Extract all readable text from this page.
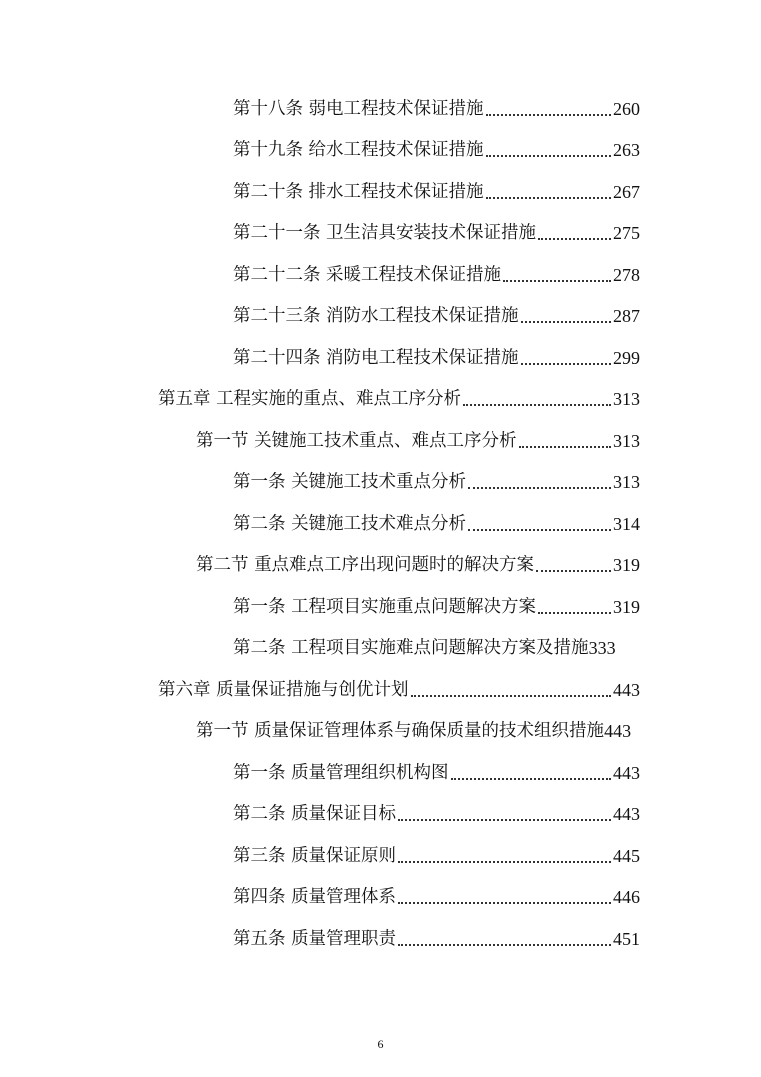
第十八条 弱电工程技术保证措施	260
第十九条 给水工程技术保证措施	263
第二十条 排水工程技术保证措施	267
第二十一条 卫生洁具安装技术保证措施	275
第二十二条 采暖工程技术保证措施	278
第二十三条 消防水工程技术保证措施	287
第二十四条 消防电工程技术保证措施	299
第五章 工程实施的重点、难点工序分析	313
第一节 关键施工技术重点、难点工序分析	313
第一条 关键施工技术重点分析	313
第二条 关键施工技术难点分析	314
第二节 重点难点工序出现问题时的解决方案	319
第一条 工程项目实施重点问题解决方案	319
第二条 工程项目实施难点问题解决方案及措施 333
第六章 质量保证措施与创优计划	443
第一节 质量保证管理体系与确保质量的技术组织措施 443
第一条 质量管理组织机构图	443
第二条 质量保证目标	443
第三条 质量保证原则	445
第四条 质量管理体系	446
第五条 质量管理职责	451
6
